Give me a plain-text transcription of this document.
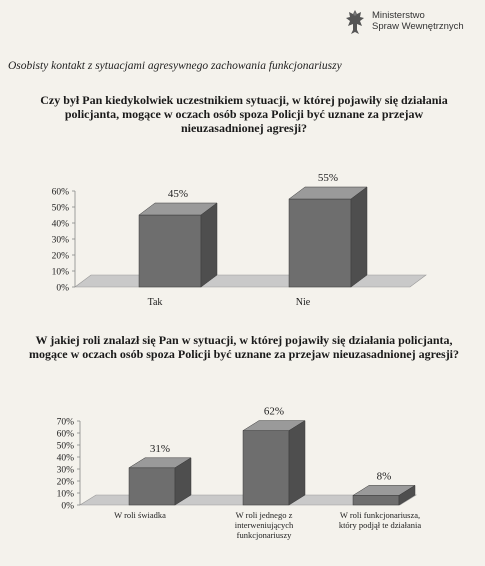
Ministerstwo
Spraw Wewnętrznych
Osobisty kontakt z sytuacjami agresywnego zachowania funkcjonariuszy
Czy był Pan kiedykolwiek uczestnikiem sytuacji, w której pojawiły się działania policjanta, mogące w oczach osób spoza Policji być uznane za przejaw nieuzasadnionej agresji?
0%
10%
20%
30%
40%
50%
60%	45%
55%
Tak	Nie
W jakiej roli znalazł się Pan w sytuacji, w której pojawiły się działania policjanta, mogące w oczach osób spoza Policji być uznane za przejaw nieuzasadnionej agresji?
0%
10%
20%
30%
40%
50%
60%
70%
31%
62%
8%
W roli świadka	W roli jednego z interweniujących funkcjonariuszy
W roli funkcjonariusza, który podjął te działania
